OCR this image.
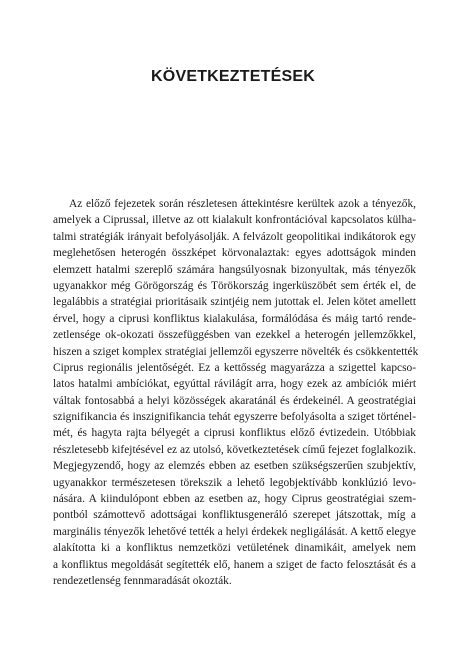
KÖVETKEZTETÉSEK

Az előző fejezetek során részletesen áttekintésre kerültek azok a tényezők,
amelyek a Ciprussal, illetve az ott kialakult konfrontációval kapcsolatos külha-
talmi stratégiák irányait befolyásolják. A felvázolt geopolitikai indikátorok egy
meglehetősen heterogén összképet körvonalaztak: egyes adottságok minden
elemzett hatalmi szereplő számára hangsúlyosnak bizonyultak, más tényezők
ugyanakkor még Görögország és Törökország ingerküszöbét sem érték el, de
legalábbis a stratégiai prioritásaik szintjéig nem jutottak el. Jelen kötet amellett
érvel, hogy a ciprusi konfliktus kialakulása, formálódása és máig tartó rende-
zetlensége ok-okozati összefüggésben van ezekkel a heterogén jellemzőkkel,
hiszen a sziget komplex stratégiai jellemzői egyszerre növelték és csökkentették
Ciprus regionális jelentőségét. Ez a kettősség magyarázza a szigettel kapcso-
latos hatalmi ambíciókat, egyúttal rávilágít arra, hogy ezek az ambíciók miért
váltak fontosabbá a helyi közösségek akaratánál és érdekeinél. A geostratégiai
szignifikancia és inszignifikancia tehát egyszerre befolyásolta a sziget történel-
mét, és hagyta rajta bélyegét a ciprusi konfliktus előző évtizedein. Utóbbiak
részletesebb kifejtésével ez az utolsó, következtetések című fejezet foglalkozik.
Megjegyzendő, hogy az elemzés ebben az esetben szükségszerűen szubjektív,
ugyanakkor természetesen törekszik a lehető legobjektívább konklúzió levo-
nására. A kiindulópont ebben az esetben az, hogy Ciprus geostratégiai szem-
pontból számottevő adottságai konfliktusgeneráló szerepet játszottak, míg a
marginális tényezők lehetővé tették a helyi érdekek negligálását. A kettő elegye
alakította ki a konfliktus nemzetközi vetületének dinamikáit, amelyek nem
a konfliktus megoldását segítették elő, hanem a sziget de facto felosztását és a
rendezetlenség fennmaradását okozták.
